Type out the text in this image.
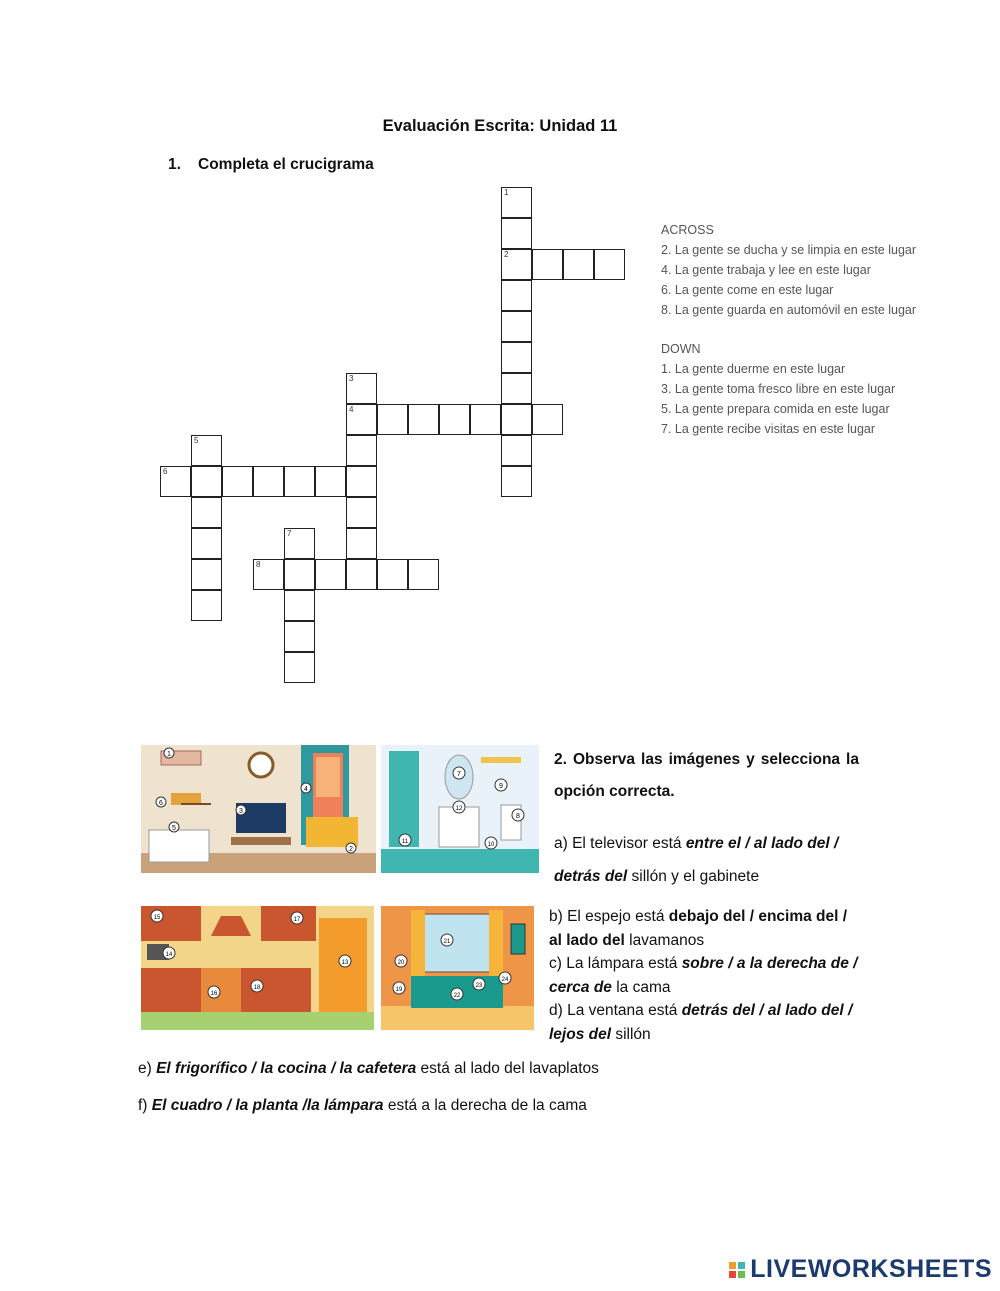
Evaluación Escrita: Unidad 11
1. Completa el crucigrama
1
2
3
4
5
6
7
8
ACROSS
2. La gente se ducha y se limpia en este lugar
4. La gente trabaja y lee en este lugar
6. La gente come en este lugar
8. La gente guarda en automóvil en este lugar
DOWN
1. La gente duerme en este lugar
3. La gente toma fresco libre en este lugar
5. La gente prepara comida en este lugar
7. La gente recibe visitas en este lugar
6
1
2
3
4
5
7
8
9
10
11
12
15	17
13
14
16
18	19
20
21
22
23
24
2. Observa las imágenes y selecciona la opción correcta.
a) El televisor está entre el / al lado del / detrás del sillón y el gabinete
b) El espejo está debajo del / encima del / al lado del lavamanos
c) La lámpara está sobre / a la derecha de / cerca de la cama
d) La ventana está detrás del / al lado del / lejos del sillón
e) El frigorífico / la cocina / la cafetera está al lado del lavaplatos
f) El cuadro / la planta /la lámpara está a la derecha de la cama

LIVEWORKSHEETS
